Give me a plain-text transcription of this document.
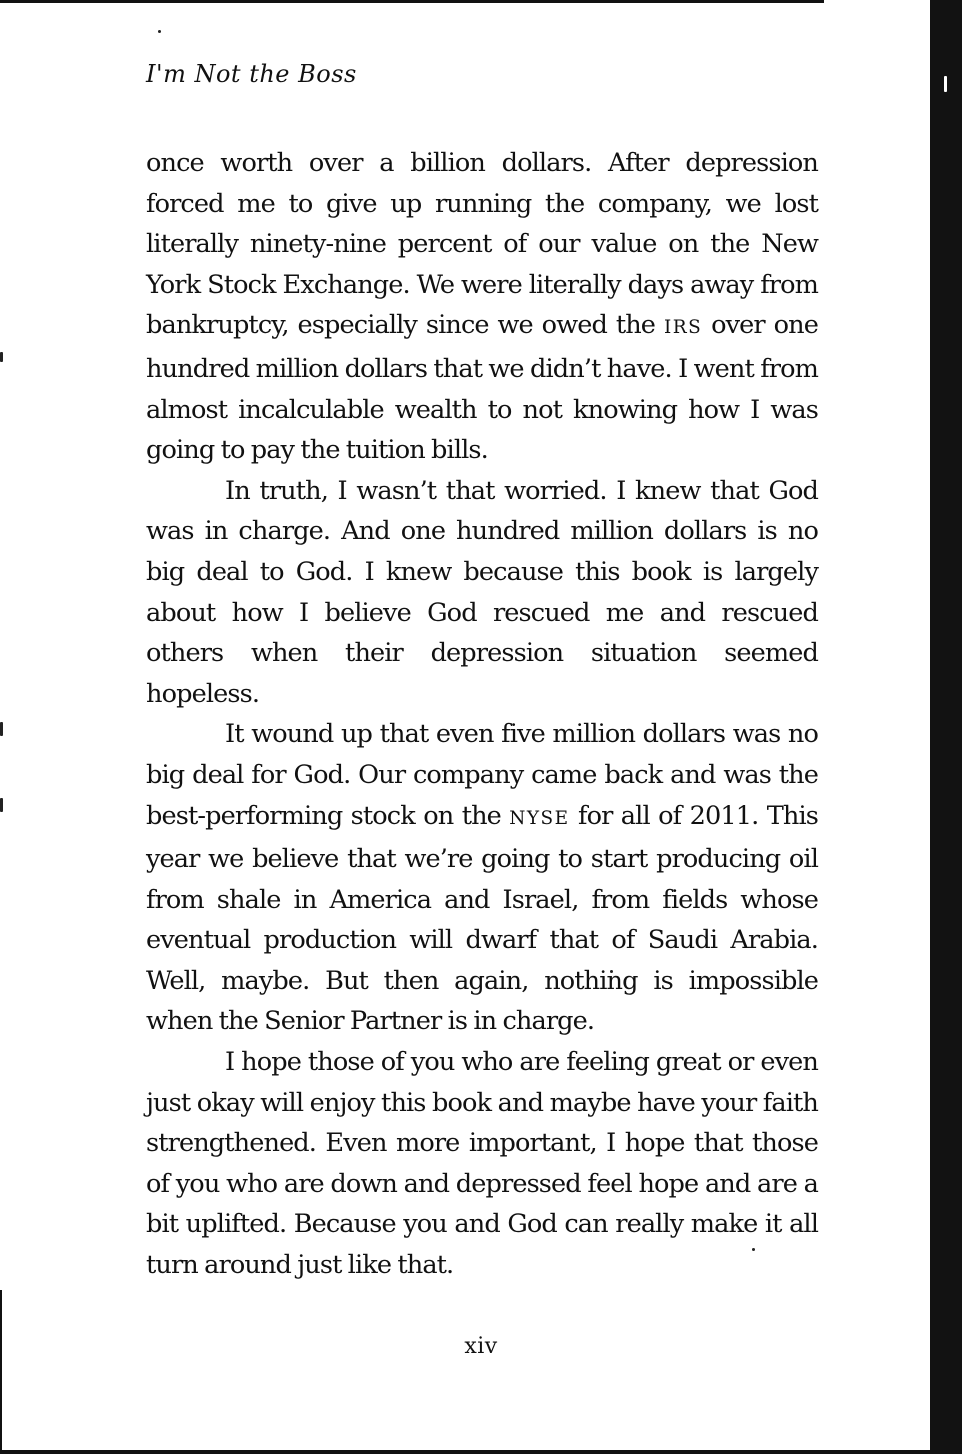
I'm Not the Boss

once worth over a billion dollars. After depression forced me to give up running the company, we lost literally ninety-nine percent of our value on the New York Stock Exchange. We were literally days away from bankruptcy, especially since we owed the IRS over one hundred million dollars that we didn’t have. I went from almost incalculable wealth to not knowing how I was going to pay the tuition bills.

In truth, I wasn’t that worried. I knew that God was in charge. And one hundred million dollars is no big deal to God. I knew because this book is largely about how I believe God rescued me and rescued others when their depression situation seemed hopeless.

It wound up that even five million dollars was no big deal for God. Our company came back and was the best-performing stock on the NYSE for all of 2011. This year we believe that we’re going to start producing oil from shale in America and Israel, from fields whose eventual production will dwarf that of Saudi Arabia. Well, maybe. But then again, nothing is impossible when the Senior Partner is in charge.

I hope those of you who are feeling great or even just okay will enjoy this book and maybe have your faith strengthened. Even more important, I hope that those of you who are down and depressed feel hope and are a bit uplifted. Because you and God can really make it all turn around just like that.

xiv
